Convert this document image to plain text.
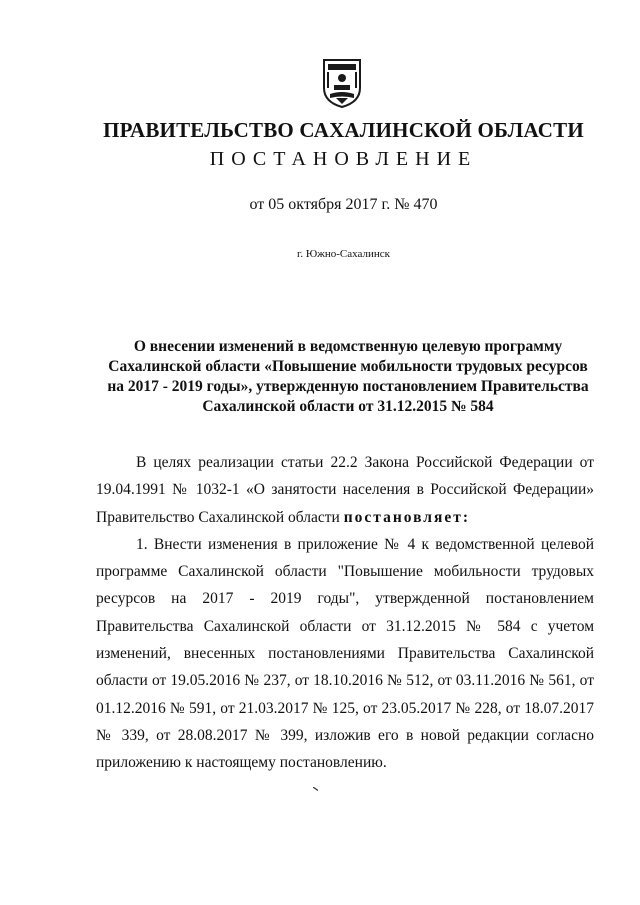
ПРАВИТЕЛЬСТВО САХАЛИНСКОЙ ОБЛАСТИ
ПОСТАНОВЛЕНИЕ
от 05 октября 2017 г. № 470
г. Южно-Сахалинск
О внесении изменений в ведомственную целевую программу Сахалинской области «Повышение мобильности трудовых ресурсов на 2017 - 2019 годы», утвержденную постановлением Правительства Сахалинской области от 31.12.2015 № 584

В целях реализации статьи 22.2 Закона Российской Федерации от 19.04.1991 № 1032-1 «О занятости населения в Российской Федерации» Правительство Сахалинской области постановляет:

1. Внести изменения в приложение № 4 к ведомственной целевой программе Сахалинской области "Повышение мобильности трудовых ресурсов на 2017 - 2019 годы", утвержденной постановлением Правительства Сахалинской области от 31.12.2015 № 584 с учетом изменений, внесенных постановлениями Правительства Сахалинской области от 19.05.2016 № 237, от 18.10.2016 № 512, от 03.11.2016 № 561, от 01.12.2016 № 591, от 21.03.2017 № 125, от 23.05.2017 № 228, от 18.07.2017 № 339, от 28.08.2017 № 399, изложив его в новой редакции согласно приложению к настоящему постановлению.
